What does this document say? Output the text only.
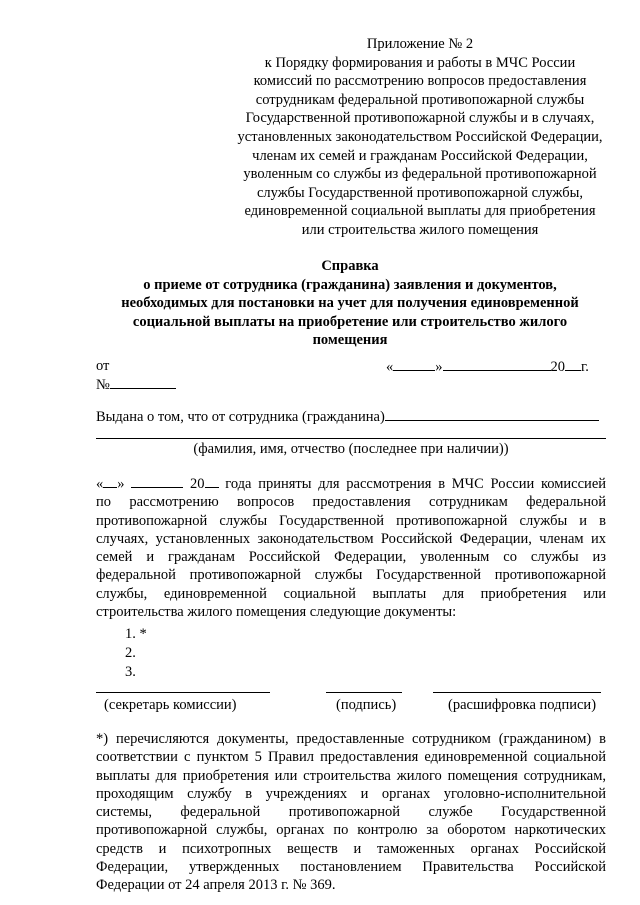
Приложение № 2
к Порядку формирования и работы в МЧС России
комиссий по рассмотрению вопросов предоставления
сотрудникам федеральной противопожарной службы
Государственной противопожарной службы и в случаях,
установленных законодательством Российской Федерации,
членам их семей и гражданам Российской Федерации,
уволенным со службы из федеральной противопожарной
службы Государственной противопожарной службы,
единовременной социальной выплаты для приобретения
или строительства жилого помещения
Справка
о приеме от сотрудника (гражданина) заявления и документов,
необходимых для постановки на учет для получения единовременной
социальной выплаты на приобретение или строительство жилого
помещения
от
№
«	»	20 г.
Выдана о том, что от сотрудника (гражданина)
(фамилия, имя, отчество (последнее при наличии))
« »	20 года приняты для рассмотрения в МЧС России комиссией
по рассмотрению вопросов предоставления сотрудникам федеральной
противопожарной службы Государственной противопожарной службы и в
случаях, установленных законодательством Российской Федерации, членам их
семей и гражданам Российской Федерации, уволенным со службы из
федеральной противопожарной службы Государственной противопожарной
службы, единовременной социальной выплаты для приобретения или
строительства жилого помещения следующие документы:
1. *
2.
3.
(секретарь комиссии)	(подпись)	(расшифровка подписи)
*) перечисляются документы, предоставленные сотрудником (гражданином) в
соответствии с пунктом 5 Правил предоставления единовременной социальной
выплаты для приобретения или строительства жилого помещения сотрудникам,
проходящим службу в учреждениях и органах уголовно-исполнительной
системы, федеральной противопожарной службе Государственной
противопожарной службы, органах по контролю за оборотом наркотических
средств и психотропных веществ и таможенных органах Российской
Федерации, утвержденных постановлением Правительства Российской
Федерации от 24 апреля 2013 г. № 369.
